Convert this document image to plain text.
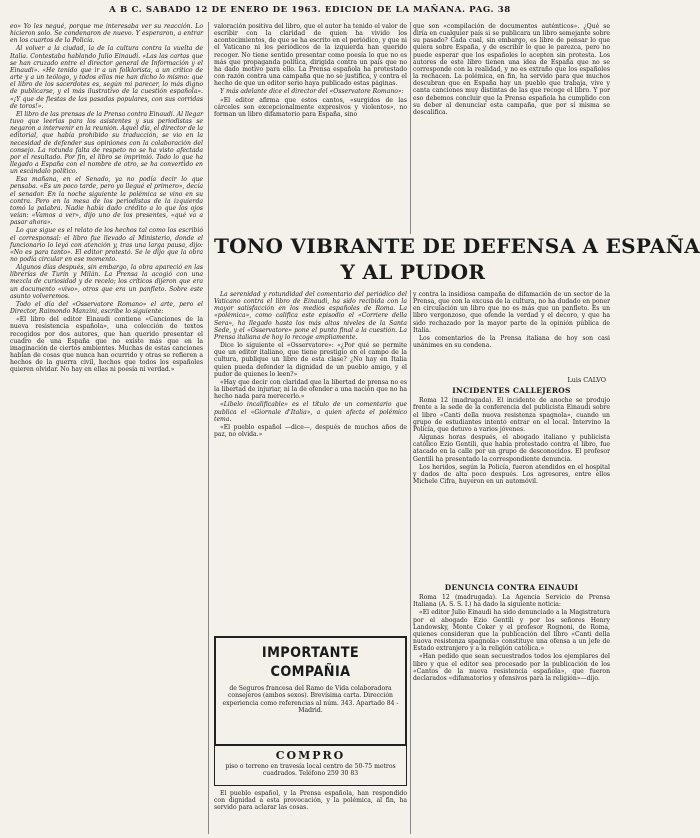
A B C. SABADO 12 DE ENERO DE 1963. EDICION DE LA MAÑANA. PAG. 38

eo» Yo les negué, porque me interesaba ver su reacción. Lo hicieron solo. Se condenaron de nuevo. Y esperaron, a entrar en los cuartos de la Policía.

Al volver a la ciudad, la de la cultura contra la vuelta de Italia. Contestaba hablando Julio Einaudi. «Las las cartas que se han cruzado entre el director general de Información y el Einaudi». «He tenido que ir a un folklorista, a un crítico de arte y a un teólogo, y todos ellos me han dicho lo mismo: que el libro de los sacerdotes es, según mi parecer, lo más digno de publicarse, y el más ilustrativo de la cuestión española». «¡Y que de fiestas de las pasadas populares, con sus corridas de toros!».

El libro de las prensas de la Prensa contra Einaudi. Al llegar tuvo que leerlas para los asistentes y sus periodistas se negaron a intervenir en la reunión. Aquel día, el director de la editorial, que había prohibido su traducción, se vio en la necesidad de defender sus opiniones con la colaboración del consejo. La rotunda falta de respeto no se ha visto afectada por el resultado. Por fin, el libro se imprimió. Todo lo que ha llegado a España con el nombre de otro, se ha convertido en un escándalo político.

Esa mañana, en el Senado, ya no podía decir lo que pensaba. «Es un poco tarde, pero yo llegué el primero», decía el senador. En la noche siguiente la polémica se vino en su contra. Pero en la mesa de los periodistas de la izquierda tomó la palabra. Nadie había dado crédito a lo que los ojos veían: «Vamos a ver», dijo uno de los presentes, «qué va a pasar ahora».

Lo que sigue es el relato de los hechos tal como los escribió el corresponsal: el libro fue llevado al Ministerio, donde el funcionario lo leyó con atención y, tras una larga pausa, dijo: «No es para tanto». El editor protestó. Se le dijo que la obra no podía circular en ese momento.

Algunos días después, sin embargo, la obra apareció en las librerías de Turín y Milán. La Prensa la acogió con una mezcla de curiosidad y de recelo; los críticos dijeron que era un documento «vivo», otros que era un panfleto. Sobre este asunto volveremos.

Todo el día del «Osservatore Romano» el arte, pero el Director, Raimondo Manzini, escribe lo siguiente:

«El libro del editor Einaudi contiene «Canciones de la nueva resistencia española», una colección de textos recogidos por dos autores, que han querido presentar el cuadro de una España que no existe más que en la imaginación de ciertos ambientes. Muchas de estas canciones hablan de cosas que nunca han ocurrido y otras se refieren a hechos de la guerra civil, hechos que todos los españoles quieren olvidar. No hay en ellas ni poesía ni verdad.»

valoración positiva del libro, que el autor ha tenido el valor de escribir con la claridad de quien ha vivido los acontecimientos, de que se ha escrito en el periódico, y que ni el Vaticano ni los periódicos de la izquierda han querido recoger. No tiene sentido presentar como poesía lo que no es más que propaganda política, dirigida contra un país que no ha dado motivo para ello. La Prensa española ha protestado con razón contra una campaña que no se justifica, y contra el hecho de que un editor serio haya publicado estas páginas.

Y más adelante dice el director del «Osservatore Romano»:

«El editor afirma que estos cantos, «surgidos de las cárceles son excepcionalmente expresivos y violentos», no forman un libro difamatorio para España, sino

que son «compilación de documentos auténticos». ¿Qué se diría en cualquier país si se publicara un libro semejante sobre su pasado? Cada cual, sin embargo, es libre de pensar lo que quiera sobre España, y de escribir lo que le parezca, pero no puede esperar que los españoles lo acepten sin protesta. Los autores de este libro tienen una idea de España que no se corresponde con la realidad, y no es extraño que los españoles la rechacen. La polémica, en fin, ha servido para que muchos descubran que en España hay un pueblo que trabaja, vive y canta canciones muy distintas de las que recoge el libro. Y por eso debemos concluir que la Prensa española ha cumplido con su deber al denunciar esta campaña, que por sí misma se descalifica.

TONO VIBRANTE DE DEFENSA A ESPAÑA
Y AL PUDOR

La serenidad y rotundidad del comentario del periódico del Vaticano contra el libro de Einaudi, ha sido recibida con la mayor satisfacción en los medios españoles de Roma. La «polémica», como califica este episodio el «Corriere della Sera», ha llegado hasta los más altos niveles de la Santa Sede, y el «Osservatore» pone el punto final a la cuestión. La Prensa italiana de hoy lo recoge ampliamente.

Dice lo siguiente el «Osservatore»: «¿Por qué se permite que un editor italiano, que tiene prestigio en el campo de la cultura, publique un libro de esta clase? ¿No hay en Italia quien pueda defender la dignidad de un pueblo amigo, y el pudor de quienes lo leen?»

«Hay que decir con claridad que la libertad de prensa no es la libertad de injuriar, ni la de ofender a una nación que no ha hecho nada para merecerlo.»

«Libelo incalificable» es el título de un comentario que publica el «Giornale d'Italia», a quien afecta el polémico tema.

«El pueblo español —dice—, después de muchos años de paz, no olvida.»

y contra la insidiosa campaña de difamación de un sector de la Prensa, que con la excusa de la cultura, no ha dudado en poner en circulación un libro que no es más que un panfleto. Es un libro vergonzoso, que ofende la verdad y el decoro, y que ha sido rechazado por la mayor parte de la opinión pública de Italia.

Los comentarios de la Prensa italiana de hoy son casi unánimes en su condena.

Luis CALVO
INCIDENTES CALLEJEROS

Roma 12 (madrugada). El incidente de anoche se produjo frente a la sede de la conferencia del publicista Einaudi sobre el libro «Canti della nuova resistenza spagnola», cuando un grupo de estudiantes intentó entrar en el local. Intervino la Policía, que detuvo a varios jóvenes.

Algunas horas después, el abogado italiano y publicista católico Ezio Gentili, que había protestado contra el libro, fue atacado en la calle por un grupo de desconocidos. El profesor Gentili ha presentado la correspondiente denuncia.

Los heridos, según la Policía, fueron atendidos en el hospital y dados de alta poco después. Los agresores, entre ellos Michele Cifra, huyeron en un automóvil.

DENUNCIA CONTRA EINAUDI

Roma 12 (madrugada). La Agencia Servicio de Prensa Italiana (A. S. S. I.) ha dado la siguiente noticia:

«El editor Julio Einaudi ha sido denunciado a la Magistratura por el abogado Ezio Gentili y por los señores Henry Landowsky, Monte Coker y el profesor Rognoni, de Roma, quienes consideran que la publicación del libro «Canti della nuova resistenza spagnola» constituye una ofensa a un jefe de Estado extranjero y a la religión católica.»

«Han pedido que sean secuestrados todos los ejemplares del libro y que el editor sea procesado por la publicación de los «Cantos de la nueva resistencia española», que fueron declarados «difamatorios y ofensivos para la religión»—dijo.

IMPORTANTE COMPAÑIA
de Seguros francesa del Ramo de Vida colaboradora consejeros (ambos sexos). Brevísima carta. Dirección experiencia como referencias al núm. 343. Apartado 84 - Madrid.
COMPRO
piso o terreno en travesía local centro de 50-75 metros cuadrados. Teléfono 259 30 83

El pueblo español, y la Prensa española, han respondido con dignidad a esta provocación, y la polémica, al fin, ha servido para aclarar las cosas.
